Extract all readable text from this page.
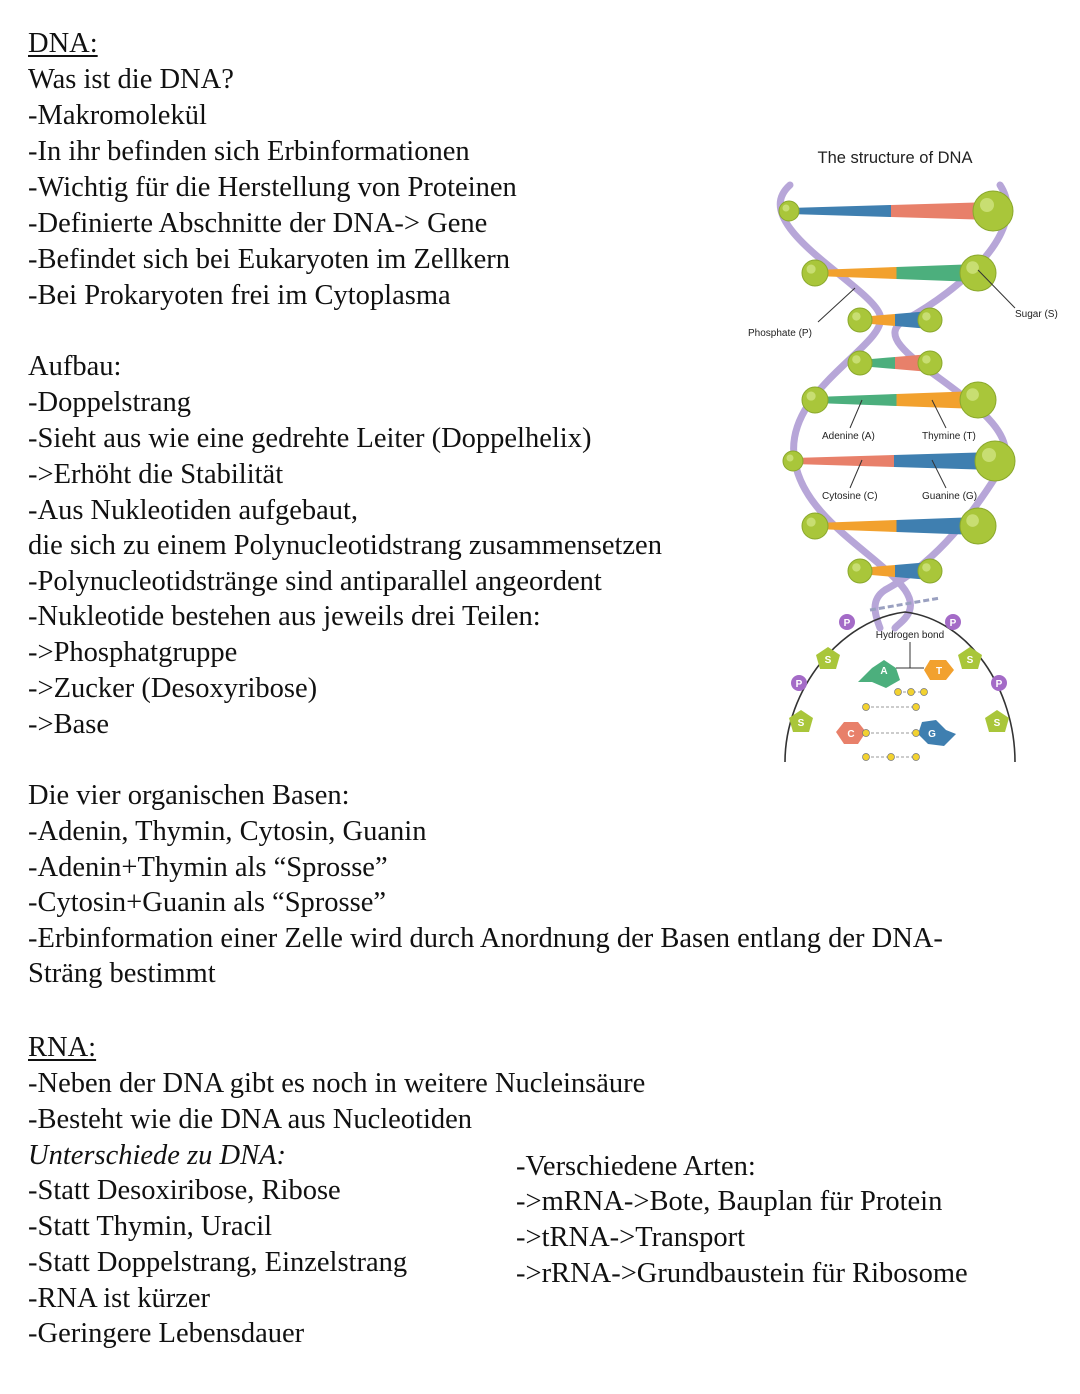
DNA:
Was ist die DNA?
-Makromolekül
-In ihr befinden sich Erbinformationen
-Wichtig für die Herstellung von Proteinen
-Definierte Abschnitte der DNA-> Gene
-Befindet sich bei Eukaryoten im Zellkern
-Bei Prokaryoten frei im Cytoplasma
Aufbau:
-Doppelstrang
-Sieht aus wie eine gedrehte Leiter (Doppelhelix)
->Erhöht die Stabilität
-Aus Nukleotiden aufgebaut,
die sich zu einem Polynucleotidstrang zusammensetzen
-Polynucleotidstränge sind antiparallel angeordent
-Nukleotide bestehen aus jeweils drei Teilen:
->Phosphatgruppe
->Zucker (Desoxyribose)
->Base
Die vier organischen Basen:
-Adenin, Thymin, Cytosin, Guanin
-Adenin+Thymin als “Sprosse”
-Cytosin+Guanin als “Sprosse”
-Erbinformation einer Zelle wird durch Anordnung der Basen entlang der DNA-
Sträng bestimmt
RNA:
-Neben der DNA gibt es noch in weitere Nucleinsäure
-Besteht wie die DNA aus Nucleotiden
Unterschiede zu DNA:
-Statt Desoxiribose, Ribose
-Statt Thymin, Uracil
-Statt Doppelstrang, Einzelstrang
-RNA ist kürzer
-Geringere Lebensdauer
-Verschiedene Arten:
->mRNA->Bote, Bauplan für Protein
->tRNA->Transport
->rRNA->Grundbaustein für Ribosome
The structure of DNA
Phosphate (P)
Sugar (S)
Adenine (A)	Thymine (T)
Cytosine (C)	Guanine (G)
Hydrogen bond
P	P
P	P
S	S
S	S
A	T
C	G
